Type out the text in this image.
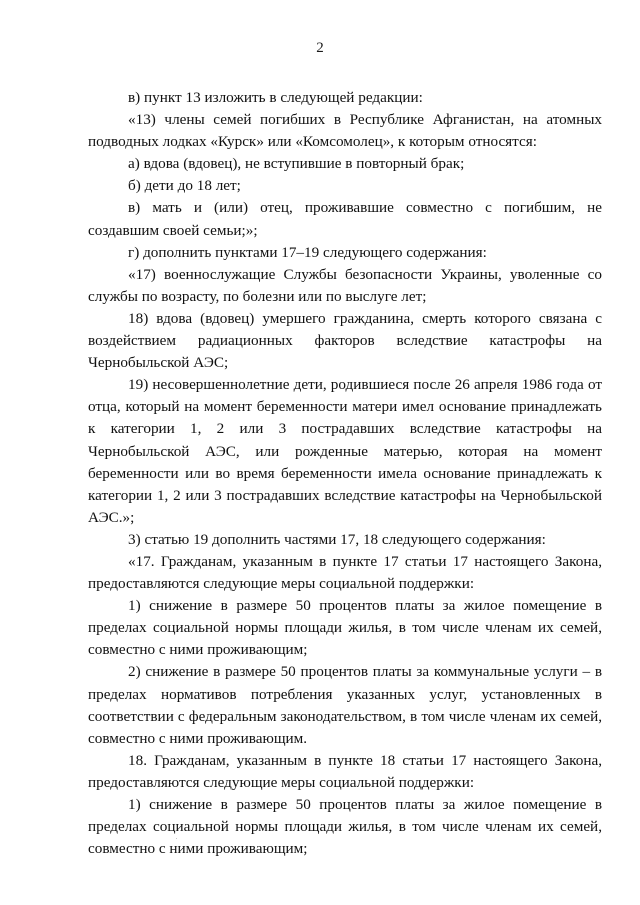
2

в) пункт 13 изложить в следующей редакции:

«13) члены семей погибших в Республике Афганистан, на атомных подводных лодках «Курск» или «Комсомолец», к которым относятся:

а) вдова (вдовец), не вступившие в повторный брак;

б) дети до 18 лет;

в) мать и (или) отец, проживавшие совместно с погибшим, не создавшим своей семьи;»;

г) дополнить пунктами 17–19 следующего содержания:

«17) военнослужащие Службы безопасности Украины, уволенные со службы по возрасту, по болезни или по выслуге лет;

18) вдова (вдовец) умершего гражданина, смерть которого связана с воздействием радиационных факторов вследствие катастрофы на Чернобыльской АЭС;

19) несовершеннолетние дети, родившиеся после 26 апреля 1986 года от отца, который на момент беременности матери имел основание принадлежать к категории 1, 2 или 3 пострадавших вследствие катастрофы на Чернобыльской АЭС, или рожденные матерью, которая на момент беременности или во время беременности имела основание принадлежать к категории 1, 2 или 3 пострадавших вследствие катастрофы на Чернобыльской АЭС.»;

3) статью 19 дополнить частями 17, 18 следующего содержания:

«17. Гражданам, указанным в пункте 17 статьи 17 настоящего Закона, предоставляются следующие меры социальной поддержки:

1) снижение в размере 50 процентов платы за жилое помещение в пределах социальной нормы площади жилья, в том числе членам их семей, совместно с ними проживающим;

2) снижение в размере 50 процентов платы за коммунальные услуги – в пределах нормативов потребления указанных услуг, установленных в соответствии с федеральным законодательством, в том числе членам их семей, совместно с ними проживающим.

18. Гражданам, указанным в пункте 18 статьи 17 настоящего Закона, предоставляются следующие меры социальной поддержки:

1) снижение в размере 50 процентов платы за жилое помещение в пределах социальной нормы площади жилья, в том числе членам их семей, совместно с ними проживающим;
